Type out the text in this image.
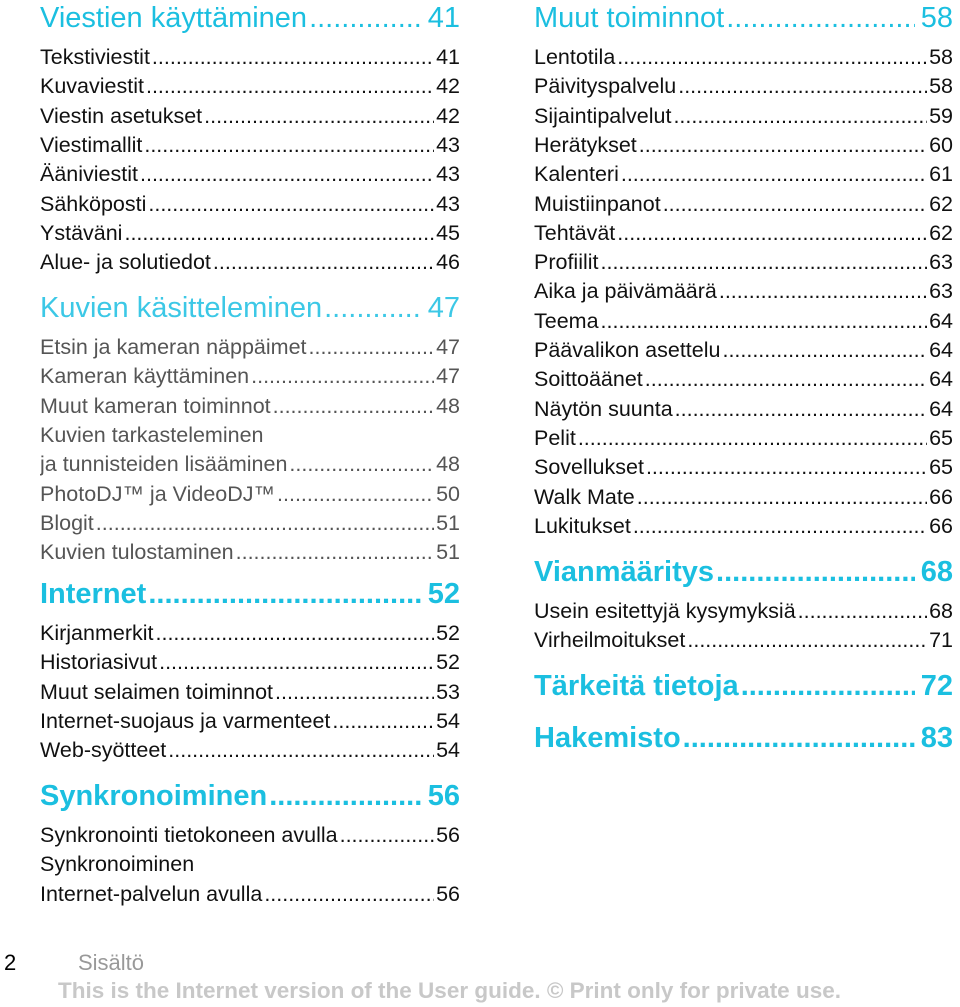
Viestien käyttäminen .....	41
Tekstiviestit .....	41
Kuvaviestit .....	42
Viestin asetukset .....	42
Viestimallit .....	43
Ääniviestit .....	43
Sähköposti .....	43
Ystäväni .....	45
Alue- ja solutiedot .....	46
Kuvien käsitteleminen .....	47
Etsin ja kameran näppäimet .....	47
Kameran käyttäminen .....	47
Muut kameran toiminnot .....	48
Kuvien tarkasteleminen
ja tunnisteiden lisääminen .....	48
PhotoDJ™ ja VideoDJ™ .....	50
Blogit .....	51
Kuvien tulostaminen .....	51
Internet .....	52
Kirjanmerkit .....	52
Historiasivut .....	52
Muut selaimen toiminnot .....	53
Internet-suojaus ja varmenteet .....	54
Web-syötteet .....	54
Synkronoiminen .....	56
Synkronointi tietokoneen avulla .....	56
Synkronoiminen
Internet-palvelun avulla .....	56
Muut toiminnot .....	58
Lentotila .....	58
Päivityspalvelu .....	58
Sijaintipalvelut .....	59
Herätykset .....	60
Kalenteri .....	61
Muistiinpanot .....	62
Tehtävät .....	62
Profiilit .....	63
Aika ja päivämäärä .....	63
Teema .....	64
Päävalikon asettelu .....	64
Soittoäänet .....	64
Näytön suunta .....	64
Pelit .....	65
Sovellukset .....	65
Walk Mate .....	66
Lukitukset .....	66
Vianmääritys .....	68
Usein esitettyjä kysymyksiä .....	68
Virheilmoitukset .....	71
Tärkeitä tietoja .....	72
Hakemisto .....	83
2	Sisältö
This is the Internet version of the User guide. © Print only for private use.
